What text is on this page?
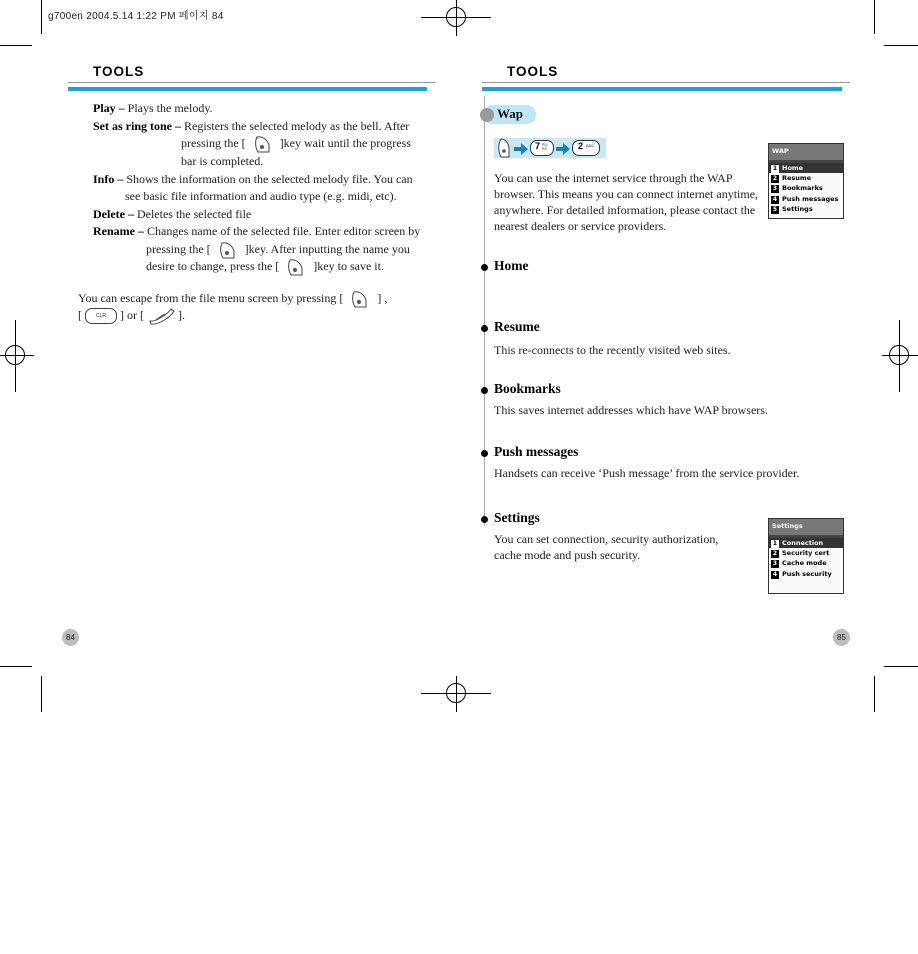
g700en 2004.5.14 1:22 PM 페이지 84
TOOLS
Play – Plays the melody.
Set as ring tone – Registers the selected melody as the bell. After
pressing the [	]key wait until the progress
bar is completed.
Info – Shows the information on the selected melody file. You can
see basic file information and audio type (e.g. midi, etc).
Delete – Deletes the selected file
Rename – Changes name of the selected file. Enter editor screen by
pressing the [	]key. After inputting the name you
desire to change, press the [	]key to save it.
You can escape from the file menu screen by pressing [	] ,
[	CLR	] or [	].
84
TOOLS
Wap
7 PQ RS	2 ABC
You can use the internet service through the WAP
browser. This means you can connect internet anytime,
anywhere. For detailed information, please contact the
nearest dealers or service providers.
WAP
1 Home
2 Resume
3 Bookmarks
4 Push messages
5 Settings
Home
Resume
This re-connects to the recently visited web sites.
Bookmarks
This saves internet addresses which have WAP browsers.
Push messages
Handsets can receive ‘Push message’ from the service provider.
Settings
You can set connection, security authorization,
cache mode and push security.
Settings
1 Connection
2 Security cert
3 Cache mode
4 Push security
85
